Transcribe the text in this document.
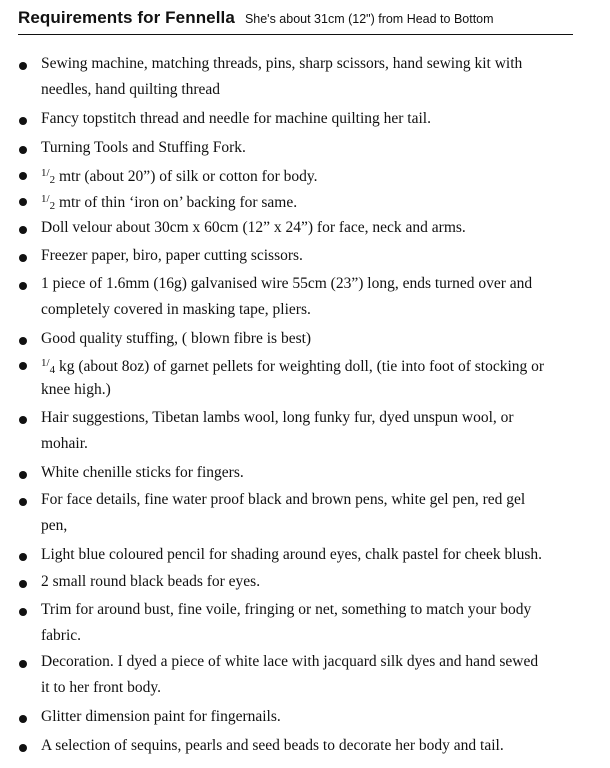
Requirements for Fennella She's about 31cm (12") from Head to Bottom
Sewing machine, matching threads, pins, sharp scissors, hand sewing kit with
needles, hand quilting thread
Fancy topstitch thread and needle for machine quilting her tail.
Turning Tools and Stuffing Fork.
$^{1/}$2 mtr (about 20”) of silk or cotton for body.
$^{1/}$2 mtr of thin ‘iron on’ backing for same.
Doll velour about 30cm x 60cm (12” x 24”) for face, neck and arms.
Freezer paper, biro, paper cutting scissors.
1 piece of 1.6mm (16g) galvanised wire 55cm (23”) long, ends turned over and
completely covered in masking tape, pliers.
Good quality stuffing, ( blown fibre is best)
$^{1/}$4 kg (about 8oz) of garnet pellets for weighting doll, (tie into foot of stocking or
knee high.)
Hair suggestions, Tibetan lambs wool, long funky fur, dyed unspun wool, or
mohair.
White chenille sticks for fingers.
For face details, fine water proof black and brown pens, white gel pen, red gel
pen,
Light blue coloured pencil for shading around eyes, chalk pastel for cheek blush.
2 small round black beads for eyes.
Trim for around bust, fine voile, fringing or net, something to match your body
fabric.
Decoration. I dyed a piece of white lace with jacquard silk dyes and hand sewed
it to her front body.
Glitter dimension paint for fingernails.
A selection of sequins, pearls and seed beads to decorate her body and tail.
